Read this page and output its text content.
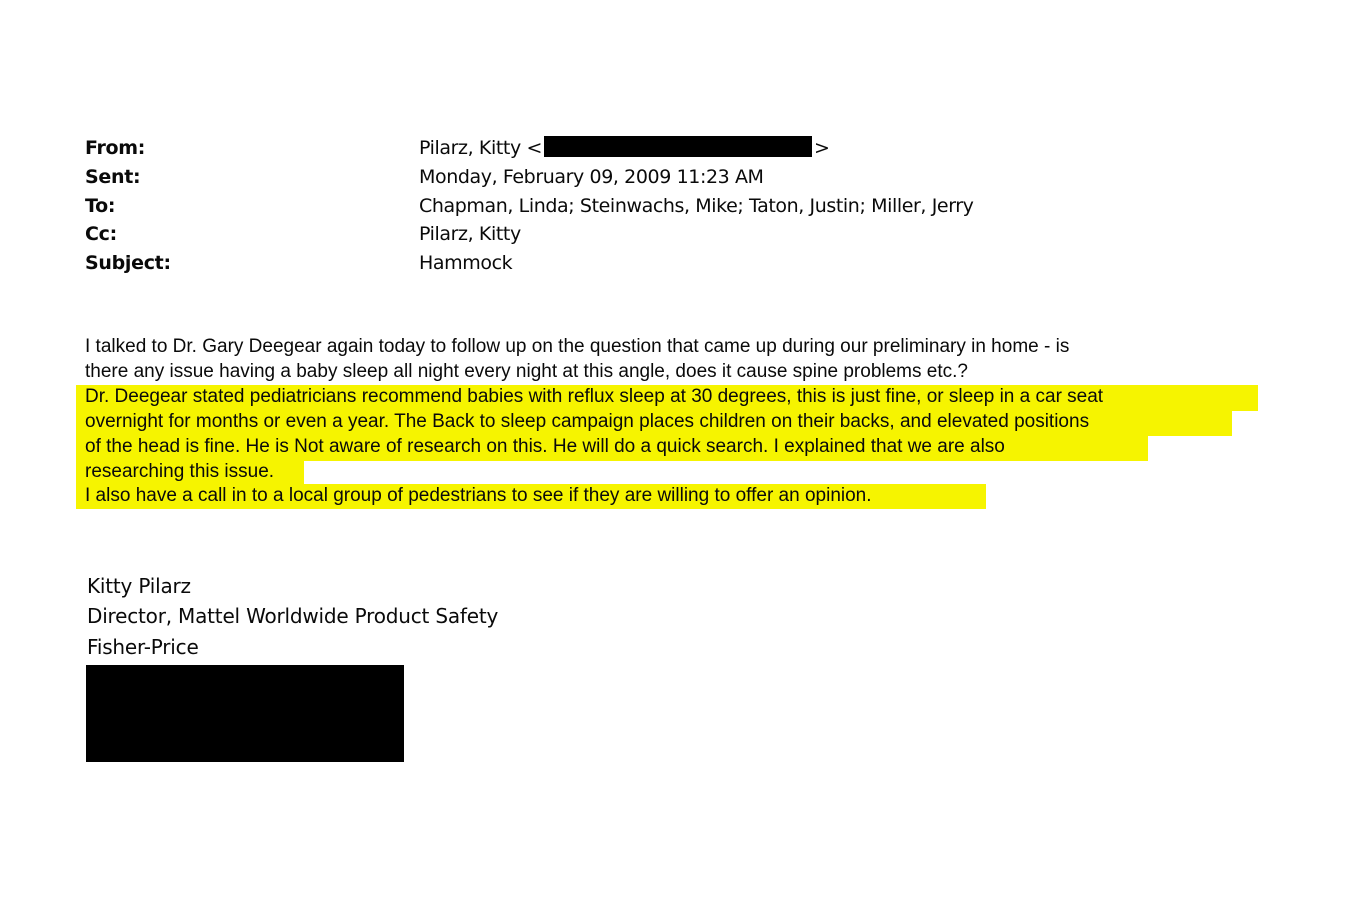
From:	Pilarz, Kitty <	>
Sent:	Monday, February 09, 2009 11:23 AM
To:	Chapman, Linda; Steinwachs, Mike; Taton, Justin; Miller, Jerry
Cc:	Pilarz, Kitty
Subject:	Hammock
I talked to Dr. Gary Deegear again today to follow up on the question that came up during our preliminary in home - is
there any issue having a baby sleep all night every night at this angle, does it cause spine problems etc.?
Dr. Deegear stated pediatricians recommend babies with reflux sleep at 30 degrees, this is just fine, or sleep in a car seat
overnight for months or even a year. The Back to sleep campaign places children on their backs, and elevated positions
of the head is fine. He is Not aware of research on this. He will do a quick search. I explained that we are also
researching this issue.
I also have a call in to a local group of pedestrians to see if they are willing to offer an opinion.
Kitty Pilarz
Director, Mattel Worldwide Product Safety
Fisher-Price
